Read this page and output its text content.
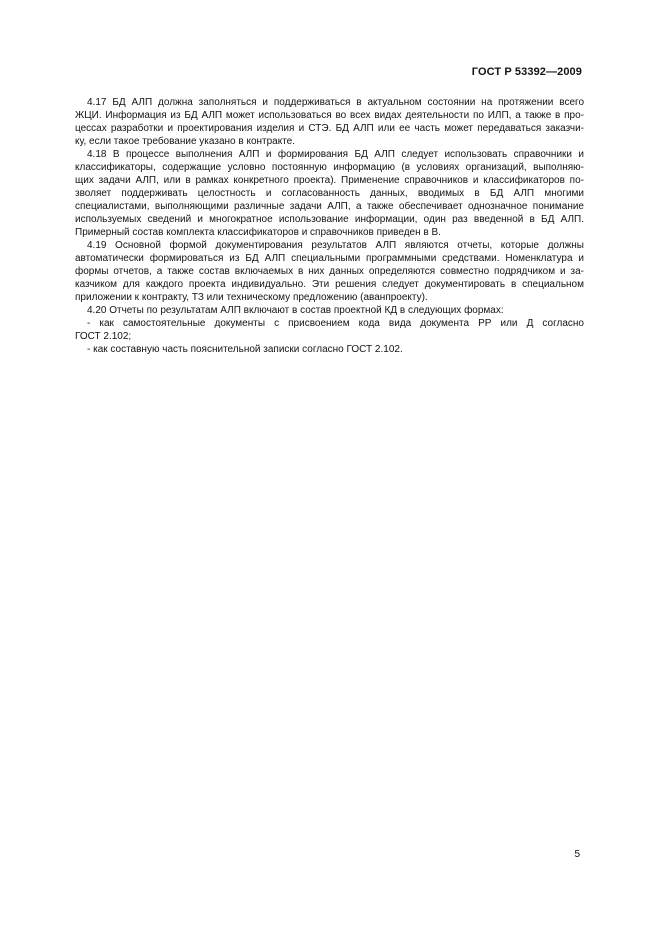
ГОСТ Р 53392—2009
4.17 БД АЛП должна заполняться и поддерживаться в актуальном состоянии на протяжении всего
ЖЦИ. Информация из БД АЛП может использоваться во всех видах деятельности по ИЛП, а также в про-
цессах разработки и проектирования изделия и СТЭ. БД АЛП или ее часть может передаваться заказчи-
ку, если такое требование указано в контракте.
4.18 В процессе выполнения АЛП и формирования БД АЛП следует использовать справочники и
классификаторы, содержащие условно постоянную информацию (в условиях организаций, выполняю-
щих задачи АЛП, или в рамках конкретного проекта). Применение справочников и классификаторов по-
зволяет поддерживать целостность и согласованность данных, вводимых в БД АЛП многими
специалистами, выполняющими различные задачи АЛП, а также обеспечивает однозначное понимание
используемых сведений и многократное использование информации, один раз введенной в БД АЛП.
Примерный состав комплекта классификаторов и справочников приведен в В.
4.19 Основной формой документирования результатов АЛП являются отчеты, которые должны
автоматически формироваться из БД АЛП специальными программными средствами. Номенклатура и
формы отчетов, а также состав включаемых в них данных определяются совместно подрядчиком и за-
казчиком для каждого проекта индивидуально. Эти решения следует документировать в специальном
приложении к контракту, ТЗ или техническому предложению (аванпроекту).
4.20 Отчеты по результатам АЛП включают в состав проектной КД в следующих формах:
- как самостоятельные документы с присвоением кода вида документа РР или Д согласно
ГОСТ 2.102;
- как составную часть пояснительной записки согласно ГОСТ 2.102.
5
